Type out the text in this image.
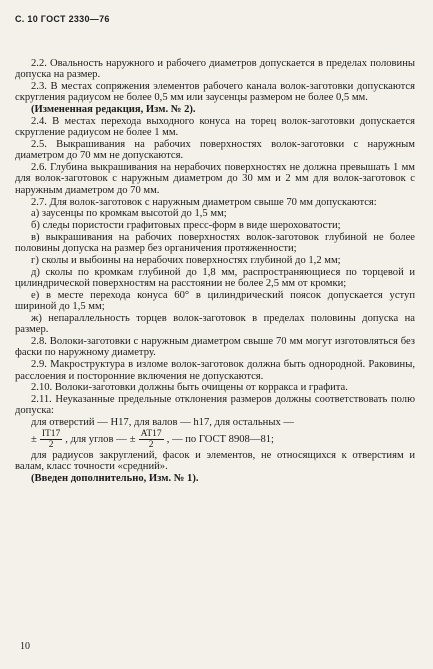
С. 10 ГОСТ 2330—76

2.2. Овальность наружного и рабочего диаметров допускается в пределах половины допуска на размер.

2.3. В местах сопряжения элементов рабочего канала волок-заготовки допускаются скругления радиусом не более 0,5 мм или заусенцы размером не более 0,5 мм.

(Измененная редакция, Изм. № 2).

2.4. В местах перехода выходного конуса на торец волок-заготовки допускается скругление радиусом не более 1 мм.

2.5. Выкрашивания на рабочих поверхностях волок-заготовки с наружным диаметром до 70 мм не допускаются.

2.6. Глубина выкрашивания на нерабочих поверхностях не должна превышать 1 мм для волок-заготовок с наружным диаметром до 30 мм и 2 мм для волок-заготовок с наружным диаметром до 70 мм.

2.7. Для волок-заготовок с наружным диаметром свыше 70 мм допускаются:

а) заусенцы по кромкам высотой до 1,5 мм;

б) следы пористости графитовых пресс-форм в виде шероховатости;

в) выкрашивания на рабочих поверхностях волок-заготовок глубиной не более половины допуска на размер без органичения протяженности;

г) сколы и выбоины на нерабочих поверхностях глубиной до 1,2 мм;

д) сколы по кромкам глубиной до 1,8 мм, распространяющиеся по торцевой и цилиндрической поверхностям на расстоянии не более 2,5 мм от кромки;

е) в месте перехода конуса 60° в цилиндрический поясок допускается уступ шириной до 1,5 мм;

ж) непараллельность торцев волок-заготовок в пределах половины допуска на размер.

2.8. Волоки-заготовки с наружным диаметром свыше 70 мм могут изготовляться без фаски по наружному диаметру.

2.9. Макроструктура в изломе волок-заготовок должна быть однородной. Раковины, расслоения и посторонние включения не допускаются.

2.10. Волоки-заготовки должны быть очищены от корракса и графита.

2.11. Неуказанные предельные отклонения размеров должны соответствовать полю допуска:

для отверстий — Н17, для валов — h17, для остальных —

± $\frac{IT17}{2}$ , для углов — ± $\frac{AT17}{2}$ , — по ГОСТ 8908—81;

для радиусов закруглений, фасок и элементов, не относящихся к отверстиям и валам, класс точности «средний».

(Введен дополнительно, Изм. № 1).

10
